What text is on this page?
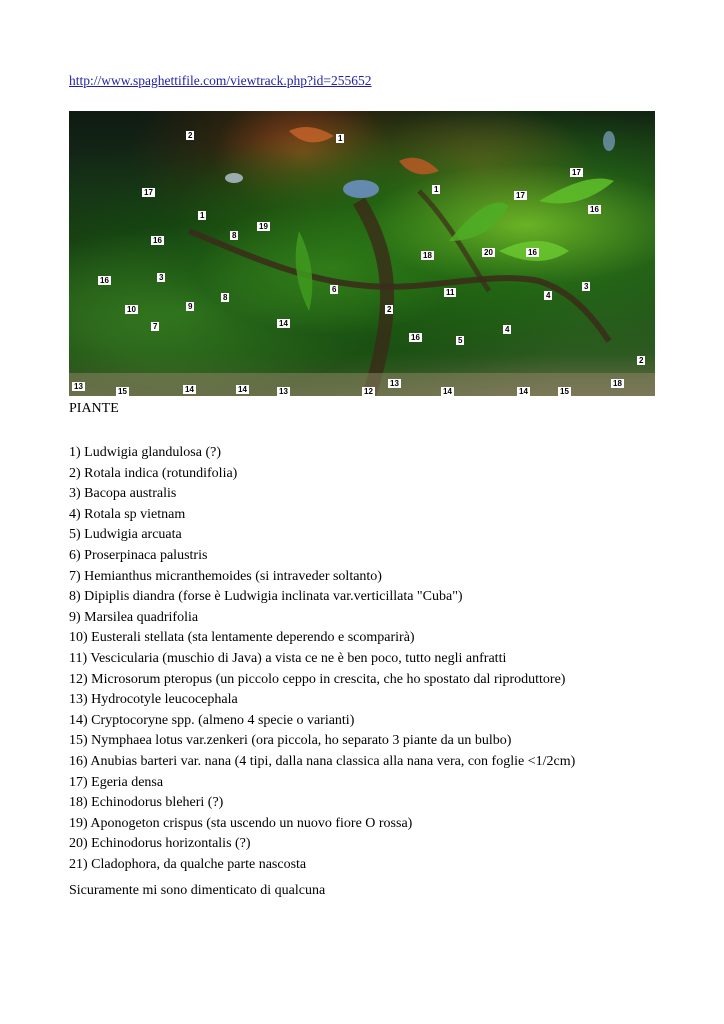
http://www.spaghettifile.com/viewtrack.php?id=255652
2	1
17
1
17	17
16
1
19
8
16
18	20	16
16	3
6	11	4
3
8
10	9	2
7	14
4
16	5
2
18
13	13
15	14	14	13	12	14	14	15
PIANTE
1) Ludwigia glandulosa (?)
2) Rotala indica (rotundifolia)
3) Bacopa australis
4) Rotala sp vietnam
5) Ludwigia arcuata
6) Proserpinaca palustris
7) Hemianthus micranthemoides (si intraveder soltanto)
8) Dipiplis diandra (forse è Ludwigia inclinata var.verticillata "Cuba")
9) Marsilea quadrifolia
10) Eusterali stellata (sta lentamente deperendo e scomparirà)
11) Vescicularia (muschio di Java) a vista ce ne è ben poco, tutto negli anfratti
12) Microsorum pteropus (un piccolo ceppo in crescita, che ho spostato dal riproduttore)
13) Hydrocotyle leucocephala
14) Cryptocoryne spp. (almeno 4 specie o varianti)
15) Nymphaea lotus var.zenkeri (ora piccola, ho separato 3 piante da un bulbo)
16) Anubias barteri var. nana (4 tipi, dalla nana classica alla nana vera, con foglie <1/2cm)
17) Egeria densa
18) Echinodorus bleheri (?)
19) Aponogeton crispus (sta uscendo un nuovo fiore O rossa)
20) Echinodorus horizontalis (?)
21) Cladophora, da qualche parte nascosta
Sicuramente mi sono dimenticato di qualcuna
